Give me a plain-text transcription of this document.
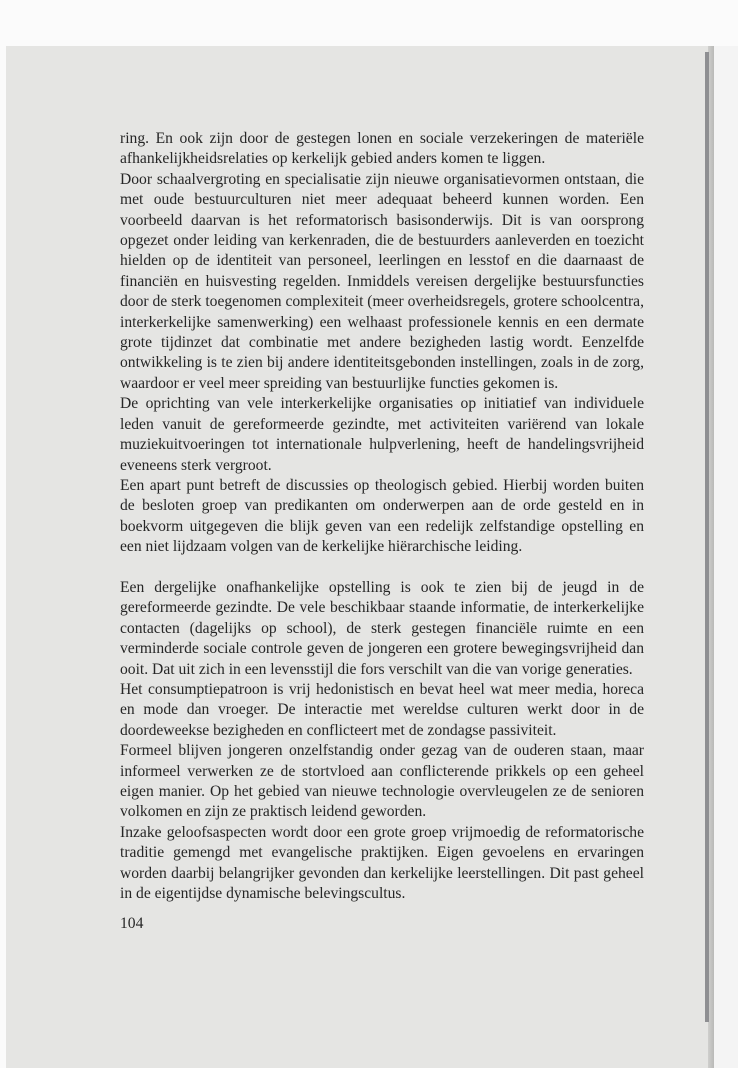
ring. En ook zijn door de gestegen lonen en sociale verzekeringen de materiële afhankelijkheidsrelaties op kerkelijk gebied anders komen te liggen.

Door schaalvergroting en specialisatie zijn nieuwe organisatievormen ontstaan, die met oude bestuurculturen niet meer adequaat beheerd kunnen worden. Een voorbeeld daarvan is het reformatorisch basisonderwijs. Dit is van oorsprong opgezet onder leiding van kerkenraden, die de bestuurders aanleverden en toezicht hielden op de identiteit van personeel, leerlingen en lesstof en die daarnaast de financiën en huisvesting regelden. Inmiddels vereisen dergelijke bestuursfuncties door de sterk toegenomen complexiteit (meer overheidsregels, grotere schoolcentra, interkerkelijke samenwerking) een welhaast professionele kennis en een dermate grote tijdinzet dat combinatie met andere bezigheden lastig wordt. Eenzelfde ontwikkeling is te zien bij andere identiteitsgebonden instellingen, zoals in de zorg, waardoor er veel meer spreiding van bestuurlijke functies gekomen is.

De oprichting van vele interkerkelijke organisaties op initiatief van individuele leden vanuit de gereformeerde gezindte, met activiteiten variërend van lokale muziekuitvoeringen tot internationale hulpverlening, heeft de handelingsvrijheid eveneens sterk vergroot.

Een apart punt betreft de discussies op theologisch gebied. Hierbij worden buiten de besloten groep van predikanten om onderwerpen aan de orde gesteld en in boekvorm uitgegeven die blijk geven van een redelijk zelfstandige opstelling en een niet lijdzaam volgen van de kerkelijke hiërarchische leiding.

Een dergelijke onafhankelijke opstelling is ook te zien bij de jeugd in de gereformeerde gezindte. De vele beschikbaar staande informatie, de interkerkelijke contacten (dagelijks op school), de sterk gestegen financiële ruimte en een verminderde sociale controle geven de jongeren een grotere bewegingsvrijheid dan ooit. Dat uit zich in een levensstijl die fors verschilt van die van vorige generaties.

Het consumptiepatroon is vrij hedonistisch en bevat heel wat meer media, horeca en mode dan vroeger. De interactie met wereldse culturen werkt door in de doordeweekse bezigheden en conflicteert met de zondagse passiviteit.

Formeel blijven jongeren onzelfstandig onder gezag van de ouderen staan, maar informeel verwerken ze de stortvloed aan conflicterende prikkels op een geheel eigen manier. Op het gebied van nieuwe technologie overvleugelen ze de senioren volkomen en zijn ze praktisch leidend geworden.

Inzake geloofsaspecten wordt door een grote groep vrijmoedig de reformatorische traditie gemengd met evangelische praktijken. Eigen gevoelens en ervaringen worden daarbij belangrijker gevonden dan kerkelijke leerstellingen. Dit past geheel in de eigentijdse dynamische belevingscultus.

104
